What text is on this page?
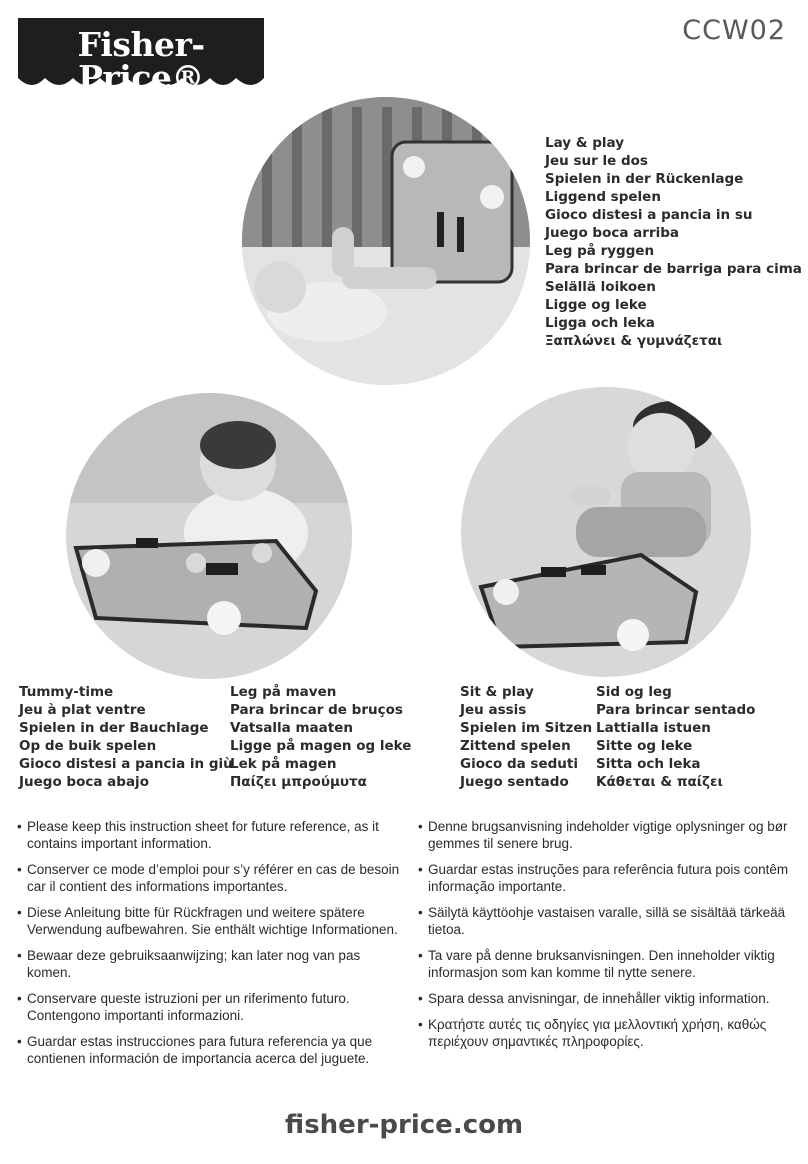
Fisher-Price®
CCW02
Lay & play
Jeu sur le dos
Spielen in der Rückenlage
Liggend spelen
Gioco distesi a pancia in su
Juego boca arriba
Leg på ryggen
Para brincar de barriga para cima
Selällä loikoen
Ligge og leke
Ligga och leka
Ξαπλώνει & γυμνάζεται
Tummy-time
Jeu à plat ventre
Spielen in der Bauchlage
Op de buik spelen
Gioco distesi a pancia in giù
Juego boca abajo
Leg på maven
Para brincar de bruços
Vatsalla maaten
Ligge på magen og leke
Lek på magen
Παίζει μπρούμυτα
Sit & play
Jeu assis
Spielen im Sitzen
Zittend spelen
Gioco da seduti
Juego sentado
Sid og leg
Para brincar sentado
Lattialla istuen
Sitte og leke
Sitta och leka
Κάθεται & παίζει
• Please keep this instruction sheet for future reference, as it contains important information.
• Conserver ce mode d’emploi pour s’y référer en cas de besoin car il contient des informations importantes.
• Diese Anleitung bitte für Rückfragen und weitere spätere Verwendung aufbewahren. Sie enthält wichtige Informationen.
• Bewaar deze gebruiksaanwijzing; kan later nog van pas komen.
• Conservare queste istruzioni per un riferimento futuro. Contengono importanti informazioni.
• Guardar estas instrucciones para futura referencia ya que contienen información de importancia acerca del juguete.
• Denne brugsanvisning indeholder vigtige oplysninger og bør gemmes til senere brug.
• Guardar estas instruções para referência futura pois contêm informação importante.
• Säilytä käyttöohje vastaisen varalle, sillä se sisältää tärkeää tietoa.
• Ta vare på denne bruksanvisningen. Den inneholder viktig informasjon som kan komme til nytte senere.
• Spara dessa anvisningar, de innehåller viktig information.
• Κρατήστε αυτές τις οδηγίες για μελλοντική χρήση, καθώς περιέχουν σημαντικές πληροφορίες.
fisher-price.com
